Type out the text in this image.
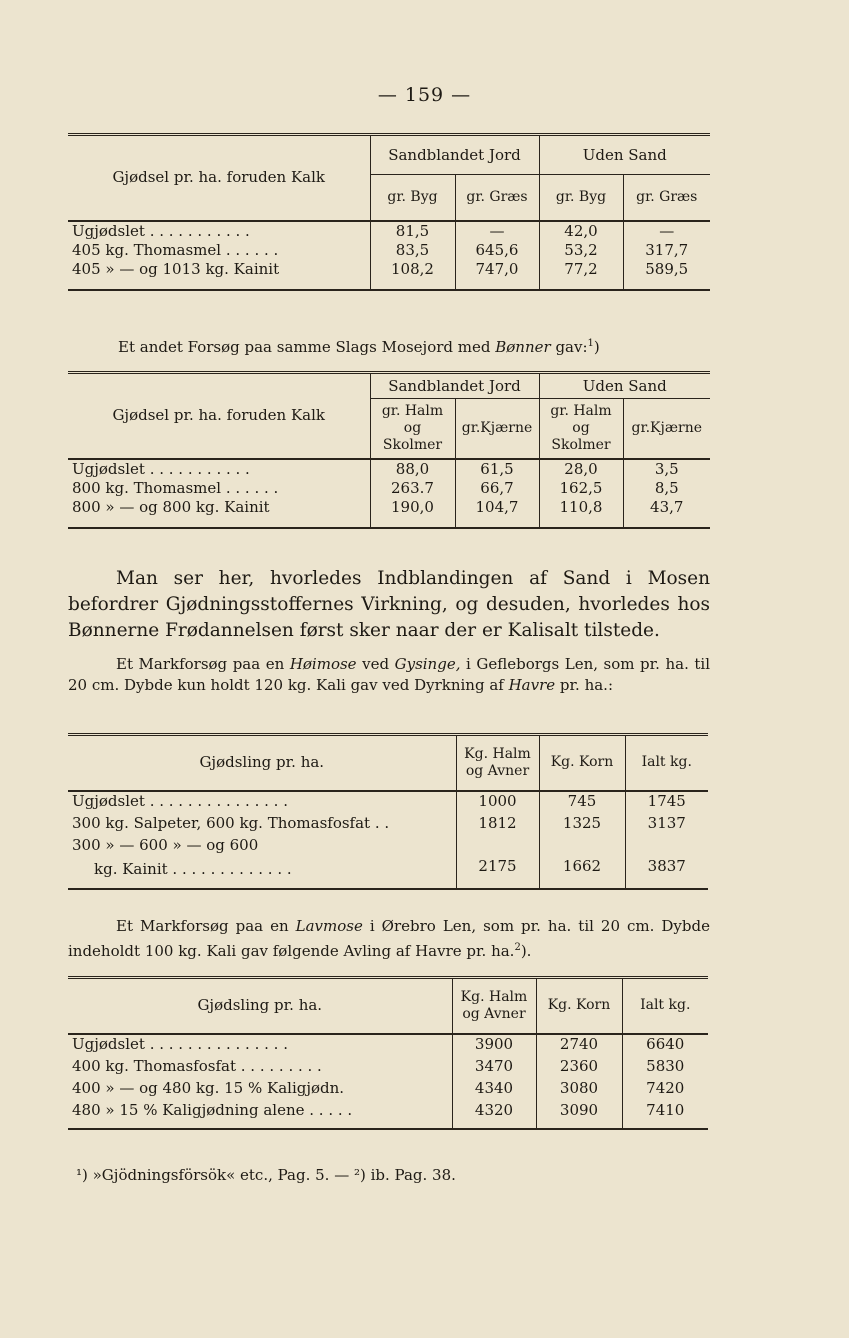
— 159 —
Gjødsel pr. ha. foruden Kalk	Sandblandet Jord		Uden Sand	
	gr. Byg	gr. Græs	gr. Byg	gr. Græs
Ugjødslet . . . . . . . . . . .	81,5	—	42,0	—
405 kg. Thomasmel . . . . . .	83,5	645,6	53,2	317,7
405 » — og 1013 kg. Kainit	108,2	747,0	77,2	589,5

Et andet Forsøg paa samme Slags Mosejord med Bønner gav:$^1$)

Gjødsel pr. ha. foruden Kalk	Sandblandet Jord		Uden Sand	
	gr. Halm og Skolmer	gr.Kjærne	gr. Halm og Skolmer	gr.Kjærne
Ugjødslet . . . . . . . . . . .	88,0	61,5	28,0	3,5
800 kg. Thomasmel . . . . . .	263.7	66,7	162,5	8,5
800 » — og 800 kg. Kainit	190,0	104,7	110,8	43,7

Man ser her, hvorledes Indblandingen af Sand i Mosen befordrer Gjødningsstoffernes Virkning, og desuden, hvorledes hos Bønnerne Frødannelsen først sker naar der er Kalisalt tilstede.

Et Markforsøg paa en Høimose ved Gysinge, i Gefleborgs Len, som pr. ha. til 20 cm. Dybde kun holdt 120 kg. Kali gav ved Dyrkning af Havre pr. ha.:

Gjødsling pr. ha.	Kg. Halm og Avner	Kg. Korn	Ialt kg.
Ugjødslet . . . . . . . . . . . . . . .	1000	745	1745
300 kg. Salpeter, 600 kg. Thomasfosfat . .	1812	1325	3137
300 » — 600 » — og 600			
kg. Kainit . . . . . . . . . . . . .	2175	1662	3837

Et Markforsøg paa en Lavmose i Ørebro Len, som pr. ha. til 20 cm. Dybde indeholdt 100 kg. Kali gav følgende Avling af Havre pr. ha.$^2$).

Gjødsling pr. ha.	Kg. Halm og Avner	Kg. Korn	Ialt kg.
Ugjødslet . . . . . . . . . . . . . . .	3900	2740	6640
400 kg. Thomasfosfat . . . . . . . . .	3470	2360	5830
400 » — og 480 kg. 15 % Kaligjødn.	4340	3080	7420
480 » 15 % Kaligjødning alene . . . . .	4320	3090	7410
¹) »Gjödningsförsök« etc., Pag. 5. — ²) ib. Pag. 38.
